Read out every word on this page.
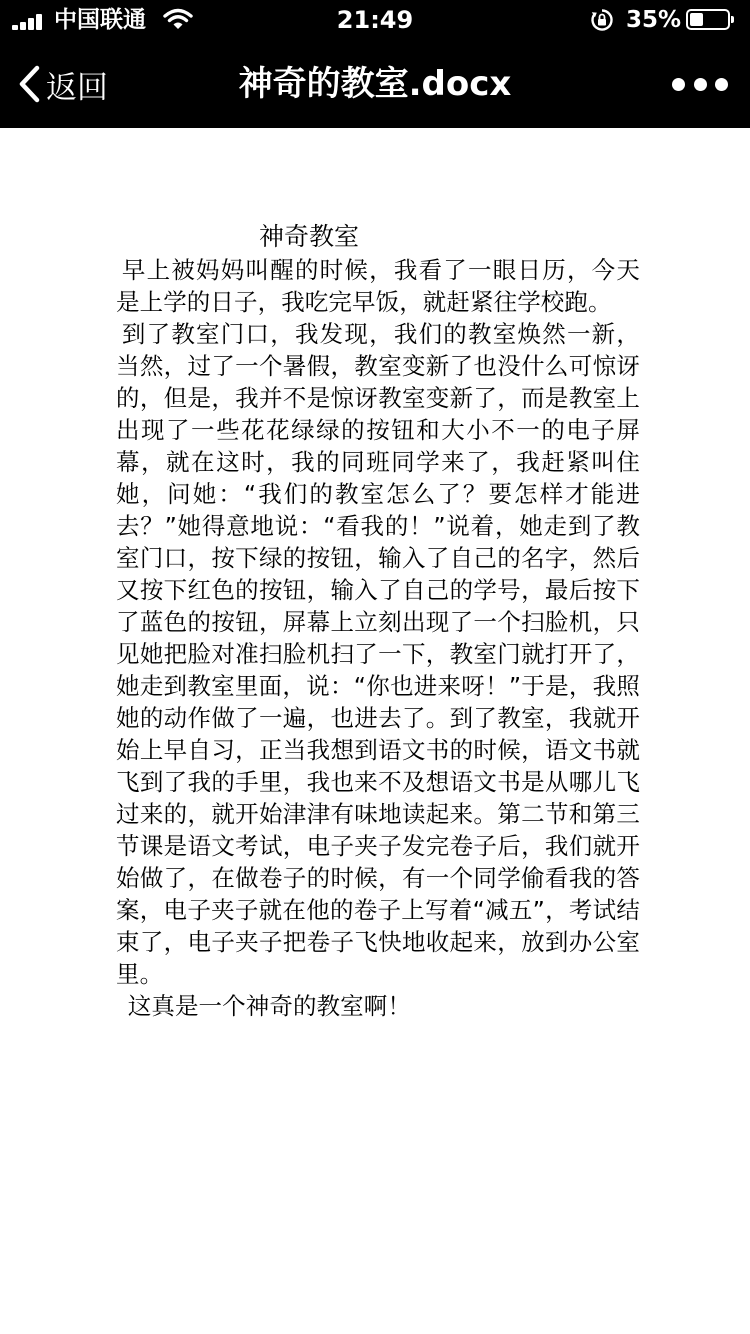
中国联通	21:49	35%
返回	神奇的教室.docx
神奇教室

早上被妈妈叫醒的时候，我看了一眼日历，今天是上学的日子，我吃完早饭，就赶紧往学校跑。

到了教室门口，我发现，我们的教室焕然一新，当然，过了一个暑假，教室变新了也没什么可惊讶的，但是，我并不是惊讶教室变新了，而是教室上出现了一些花花绿绿的按钮和大小不一的电子屏幕，就在这时，我的同班同学来了，我赶紧叫住她，问她：“我们的教室怎么了？要怎样才能进去？”她得意地说：“看我的！”说着，她走到了教室门口，按下绿的按钮，输入了自己的名字，然后又按下红色的按钮，输入了自己的学号，最后按下了蓝色的按钮，屏幕上立刻出现了一个扫脸机，只见她把脸对准扫脸机扫了一下，教室门就打开了，她走到教室里面，说：“你也进来呀！”于是，我照她的动作做了一遍，也进去了。到了教室，我就开始上早自习，正当我想到语文书的时候，语文书就飞到了我的手里，我也来不及想语文书是从哪儿飞过来的，就开始津津有味地读起来。第二节和第三节课是语文考试，电子夹子发完卷子后，我们就开始做了，在做卷子的时候，有一个同学偷看我的答案，电子夹子就在他的卷子上写着“减五”，考试结束了，电子夹子把卷子飞快地收起来，放到办公室里。

这真是一个神奇的教室啊！
